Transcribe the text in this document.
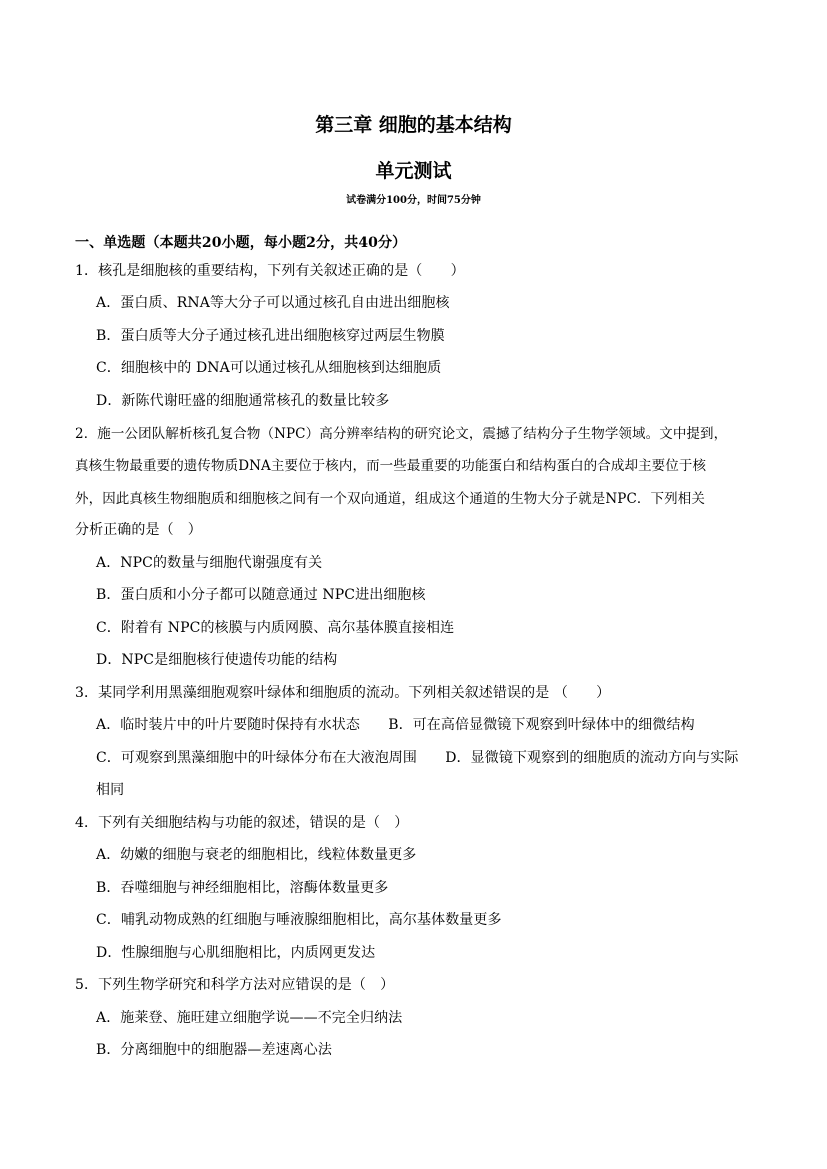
第三章 细胞的基本结构
单元测试
试卷满分100分，时间75分钟
一、单选题（本题共20小题，每小题2分，共40分）
1．核孔是细胞核的重要结构，下列有关叙述正确的是（　　）
A．蛋白质、RNA等大分子可以通过核孔自由进出细胞核
B．蛋白质等大分子通过核孔进出细胞核穿过两层生物膜
C．细胞核中的 DNA可以通过核孔从细胞核到达细胞质
D．新陈代谢旺盛的细胞通常核孔的数量比较多
2．施一公团队解析核孔复合物（NPC）高分辨率结构的研究论文，震撼了结构分子生物学领域。文中提到，
真核生物最重要的遗传物质DNA主要位于核内，而一些最重要的功能蛋白和结构蛋白的合成却主要位于核
外，因此真核生物细胞质和细胞核之间有一个双向通道，组成这个通道的生物大分子就是NPC．下列相关
分析正确的是（　）
A．NPC的数量与细胞代谢强度有关
B．蛋白质和小分子都可以随意通过 NPC进出细胞核
C．附着有 NPC的核膜与内质网膜、高尔基体膜直接相连
D．NPC是细胞核行使遗传功能的结构
3．某同学利用黑藻细胞观察叶绿体和细胞质的流动。下列相关叙述错误的是 （　　）
A．临时装片中的叶片要随时保持有水状态　　B．可在高倍显微镜下观察到叶绿体中的细微结构
C．可观察到黑藻细胞中的叶绿体分布在大液泡周围　　D．显微镜下观察到的细胞质的流动方向与实际
相同
4．下列有关细胞结构与功能的叙述，错误的是（　）
A．幼嫩的细胞与衰老的细胞相比，线粒体数量更多
B．吞噬细胞与神经细胞相比，溶酶体数量更多
C．哺乳动物成熟的红细胞与唾液腺细胞相比，高尔基体数量更多
D．性腺细胞与心肌细胞相比，内质网更发达
5．下列生物学研究和科学方法对应错误的是（　）
A．施莱登、施旺建立细胞学说——不完全归纳法
B．分离细胞中的细胞器—差速离心法
